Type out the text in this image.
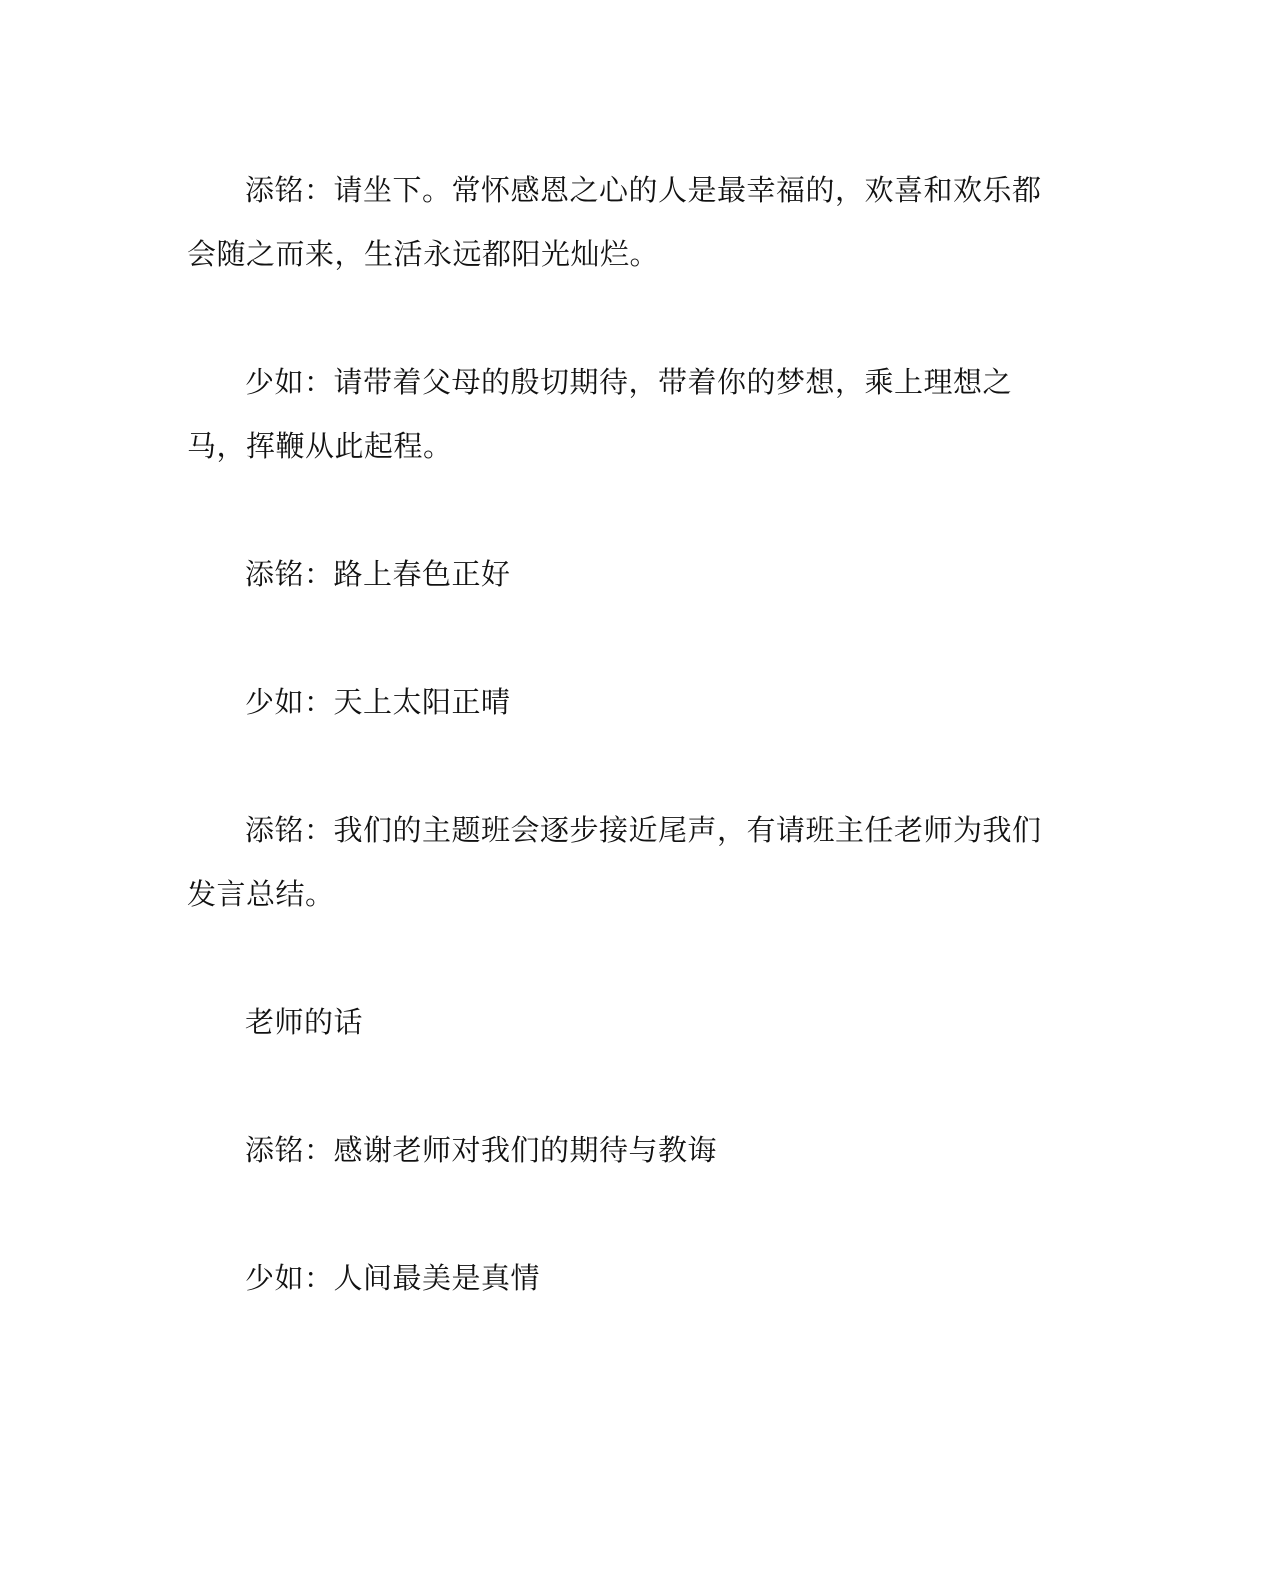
添铭：请坐下。常怀感恩之心的人是最幸福的，欢喜和欢乐都会随之而来，生活永远都阳光灿烂。

少如：请带着父母的殷切期待，带着你的梦想，乘上理想之马，挥鞭从此起程。

添铭：路上春色正好

少如：天上太阳正晴

添铭：我们的主题班会逐步接近尾声，有请班主任老师为我们发言总结。

老师的话

添铭：感谢老师对我们的期待与教诲

少如：人间最美是真情
